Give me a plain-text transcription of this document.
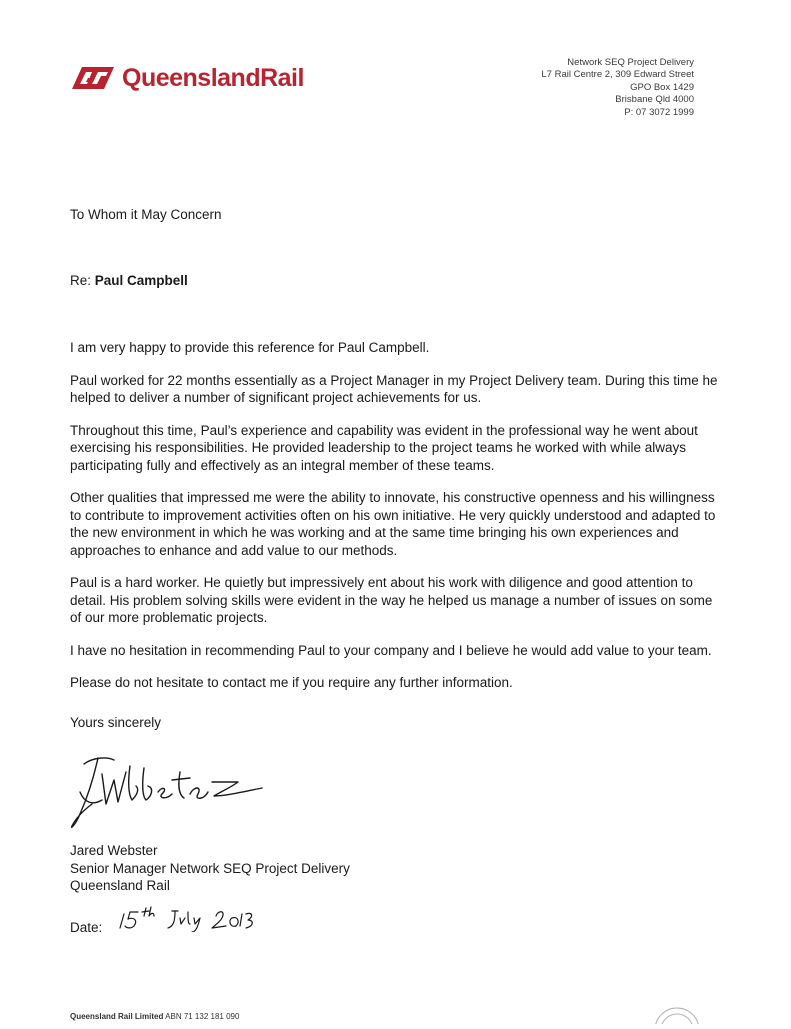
QueenslandRail
Network SEQ Project Delivery
L7 Rail Centre 2, 309 Edward Street
GPO Box 1429
Brisbane Qld 4000
P: 07 3072 1999
To Whom it May Concern
Re: Paul Campbell

I am very happy to provide this reference for Paul Campbell.

Paul worked for 22 months essentially as a Project Manager in my Project Delivery team. During this time he helped to deliver a number of significant project achievements for us.

Throughout this time, Paul’s experience and capability was evident in the professional way he went about exercising his responsibilities. He provided leadership to the project teams he worked with while always participating fully and effectively as an integral member of these teams.

Other qualities that impressed me were the ability to innovate, his constructive openness and his willingness to contribute to improvement activities often on his own initiative. He very quickly understood and adapted to the new environment in which he was working and at the same time bringing his own experiences and approaches to enhance and add value to our methods.

Paul is a hard worker. He quietly but impressively ent about his work with diligence and good attention to detail. His problem solving skills were evident in the way he helped us manage a number of issues on some of our more problematic projects.

I have no hesitation in recommending Paul to your company and I believe he would add value to your team.

Please do not hesitate to contact me if you require any further information.

Yours sincerely
Jared Webster
Senior Manager Network SEQ Project Delivery
Queensland Rail
Date:
Queensland Rail Limited ABN 71 132 181 090
